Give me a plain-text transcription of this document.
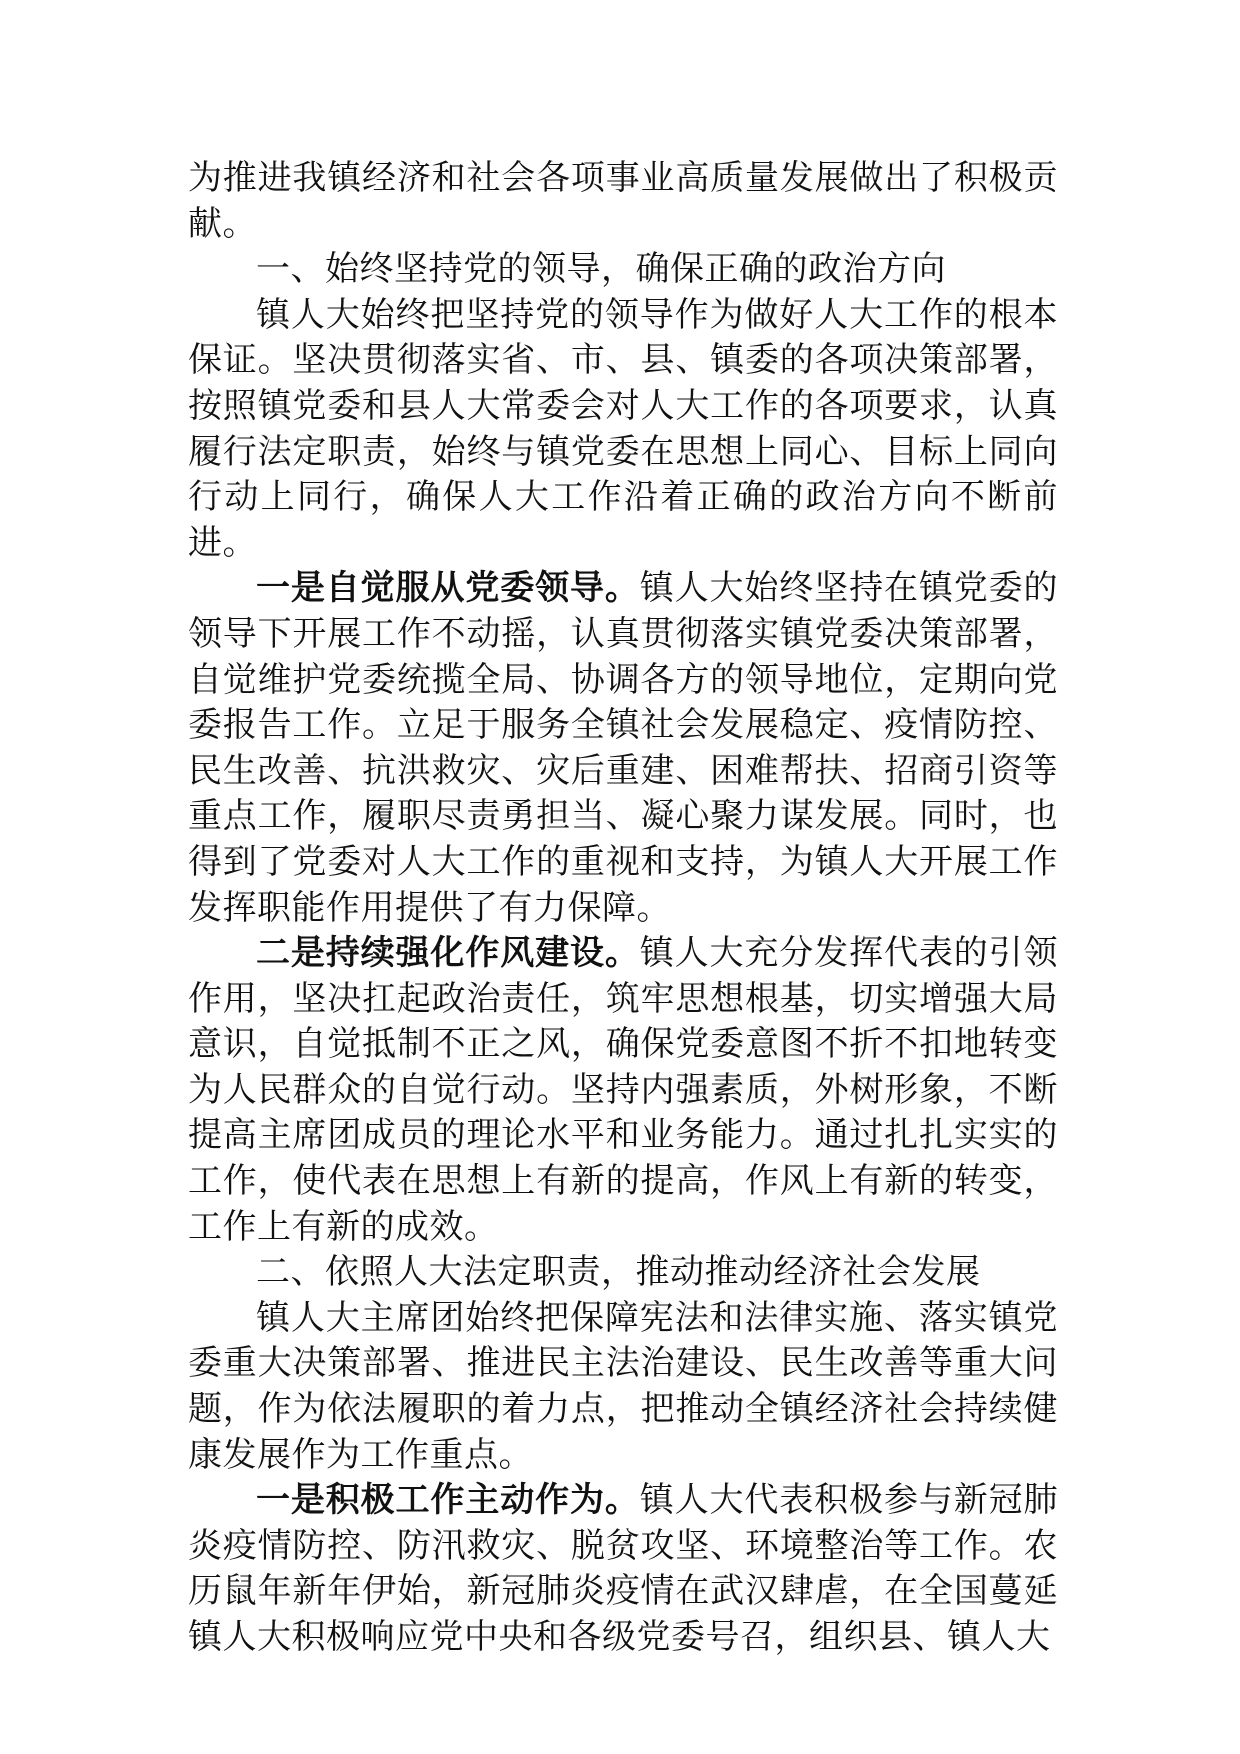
为推进我镇经济和社会各项事业高质量发展做出了积极贡献。

一、始终坚持党的领导，确保正确的政治方向

镇人大始终把坚持党的领导作为做好人大工作的根本保证。坚决贯彻落实省、市、县、镇委的各项决策部署，按照镇党委和县人大常委会对人大工作的各项要求，认真履行法定职责，始终与镇党委在思想上同心、目标上同向行动上同行，确保人大工作沿着正确的政治方向不断前进。

一是自觉服从党委领导。镇人大始终坚持在镇党委的领导下开展工作不动摇，认真贯彻落实镇党委决策部署，自觉维护党委统揽全局、协调各方的领导地位，定期向党委报告工作。立足于服务全镇社会发展稳定、疫情防控、民生改善、抗洪救灾、灾后重建、困难帮扶、招商引资等重点工作，履职尽责勇担当、凝心聚力谋发展。同时，也得到了党委对人大工作的重视和支持，为镇人大开展工作发挥职能作用提供了有力保障。

二是持续强化作风建设。镇人大充分发挥代表的引领作用，坚决扛起政治责任，筑牢思想根基，切实增强大局意识，自觉抵制不正之风，确保党委意图不折不扣地转变为人民群众的自觉行动。坚持内强素质，外树形象，不断提高主席团成员的理论水平和业务能力。通过扎扎实实的工作，使代表在思想上有新的提高，作风上有新的转变，工作上有新的成效。

二、依照人大法定职责，推动推动经济社会发展

镇人大主席团始终把保障宪法和法律实施、落实镇党委重大决策部署、推进民主法治建设、民生改善等重大问题，作为依法履职的着力点，把推动全镇经济社会持续健康发展作为工作重点。

一是积极工作主动作为。镇人大代表积极参与新冠肺炎疫情防控、防汛救灾、脱贫攻坚、环境整治等工作。农历鼠年新年伊始，新冠肺炎疫情在武汉肆虐，在全国蔓延镇人大积极响应党中央和各级党委号召，组织县、镇人大
